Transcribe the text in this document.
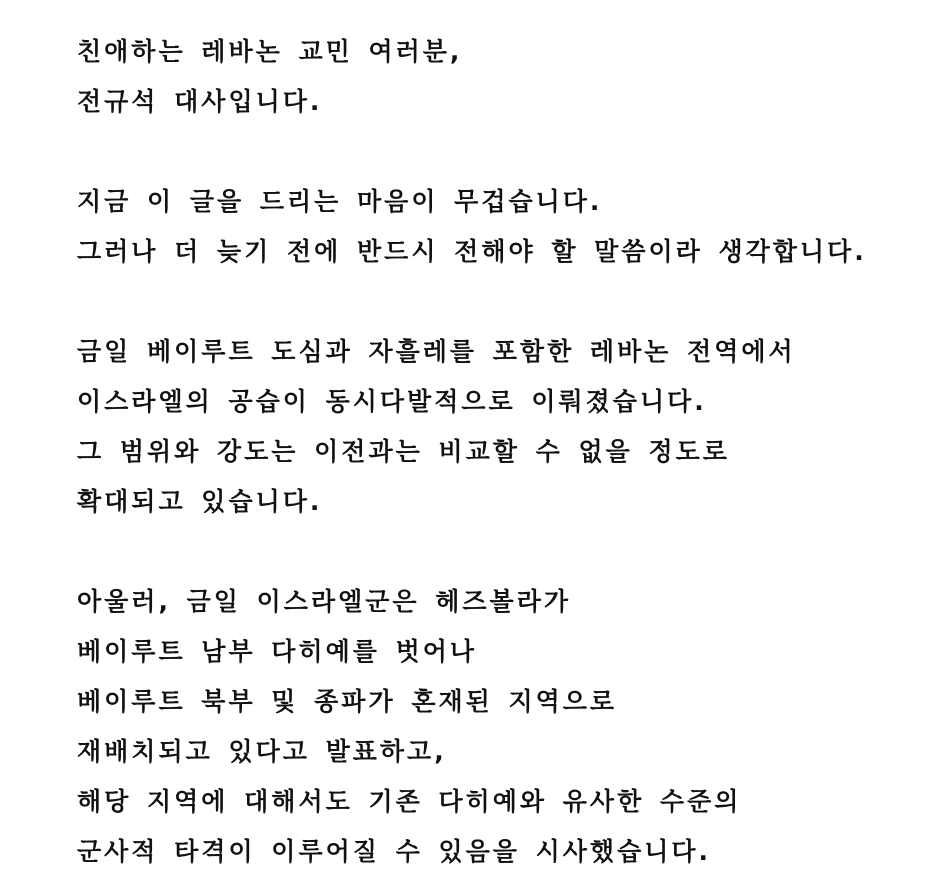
친애하는 레바논 교민 여러분,
전규석 대사입니다.
지금 이 글을 드리는 마음이 무겁습니다.
그러나 더 늦기 전에 반드시 전해야 할 말씀이라 생각합니다.
금일 베이루트 도심과 자흘레를 포함한 레바논 전역에서
이스라엘의 공습이 동시다발적으로 이뤄졌습니다.
그 범위와 강도는 이전과는 비교할 수 없을 정도로
확대되고 있습니다.
아울러, 금일 이스라엘군은 헤즈볼라가
베이루트 남부 다히예를 벗어나
베이루트 북부 및 종파가 혼재된 지역으로
재배치되고 있다고 발표하고,
해당 지역에 대해서도 기존 다히예와 유사한 수준의
군사적 타격이 이루어질 수 있음을 시사했습니다.
